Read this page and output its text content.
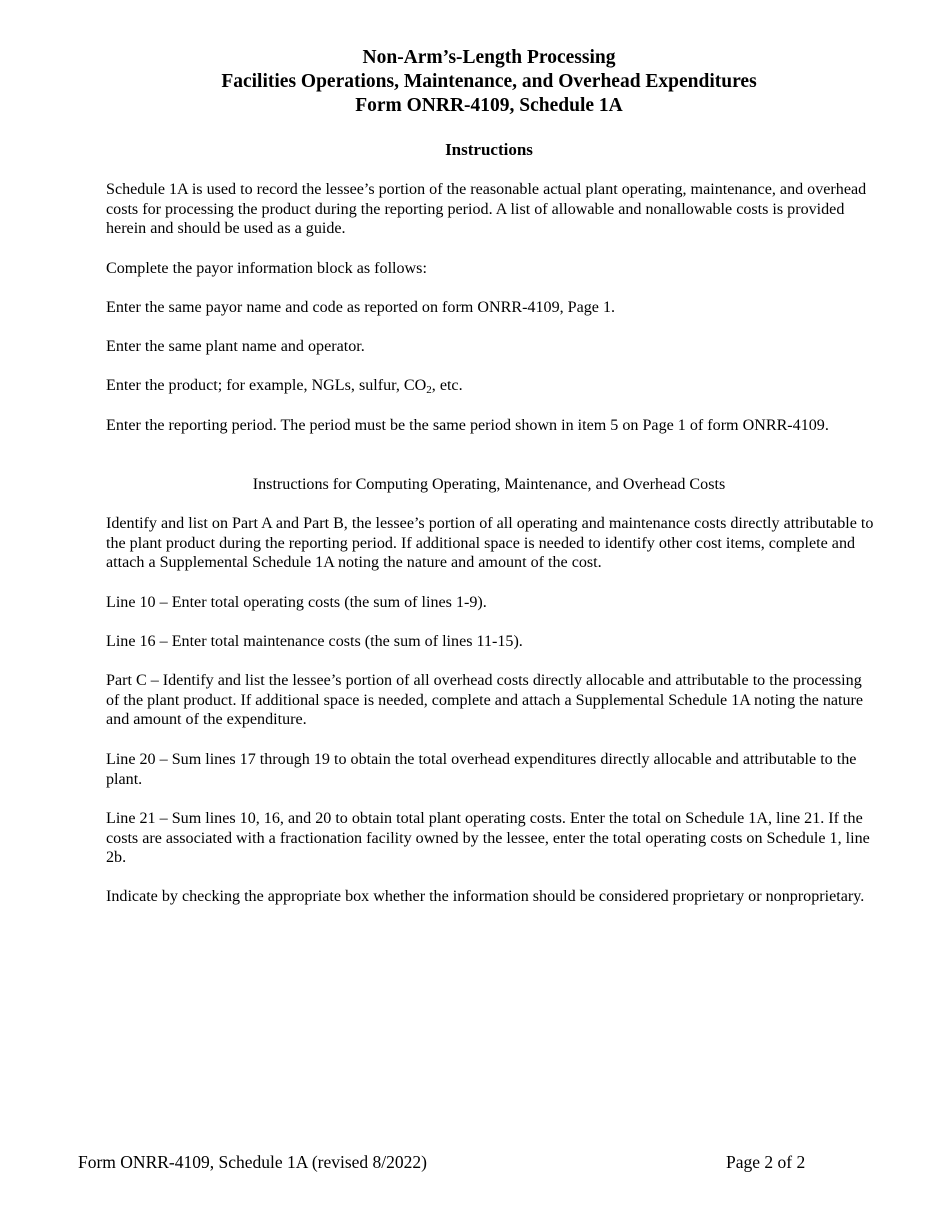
Non-Arm’s-Length Processing
Facilities Operations, Maintenance, and Overhead Expenditures
Form ONRR-4109, Schedule 1A
Instructions

Schedule 1A is used to record the lessee’s portion of the reasonable actual plant operating, maintenance, and overhead costs for processing the product during the reporting period. A list of allowable and nonallowable costs is provided herein and should be used as a guide.

Complete the payor information block as follows:

Enter the same payor name and code as reported on form ONRR-4109, Page 1.

Enter the same plant name and operator.

Enter the product; for example, NGLs, sulfur, $CO_2$, etc.

Enter the reporting period. The period must be the same period shown in item 5 on Page 1 of form ONRR-4109.

Instructions for Computing Operating, Maintenance, and Overhead Costs

Identify and list on Part A and Part B, the lessee’s portion of all operating and maintenance costs directly attributable to the plant product during the reporting period. If additional space is needed to identify other cost items, complete and attach a Supplemental Schedule 1A noting the nature and amount of the cost.

Line 10 – Enter total operating costs (the sum of lines 1-9).

Line 16 – Enter total maintenance costs (the sum of lines 11-15).

Part C – Identify and list the lessee’s portion of all overhead costs directly allocable and attributable to the processing of the plant product. If additional space is needed, complete and attach a Supplemental Schedule 1A noting the nature and amount of the expenditure.

Line 20 – Sum lines 17 through 19 to obtain the total overhead expenditures directly allocable and attributable to the plant.

Line 21 – Sum lines 10, 16, and 20 to obtain total plant operating costs. Enter the total on Schedule 1A, line 21. If the costs are associated with a fractionation facility owned by the lessee, enter the total operating costs on Schedule 1, line 2b.

Indicate by checking the appropriate box whether the information should be considered proprietary or nonproprietary.

Form ONRR-4109, Schedule 1A (revised 8/2022)	Page 2 of 2
